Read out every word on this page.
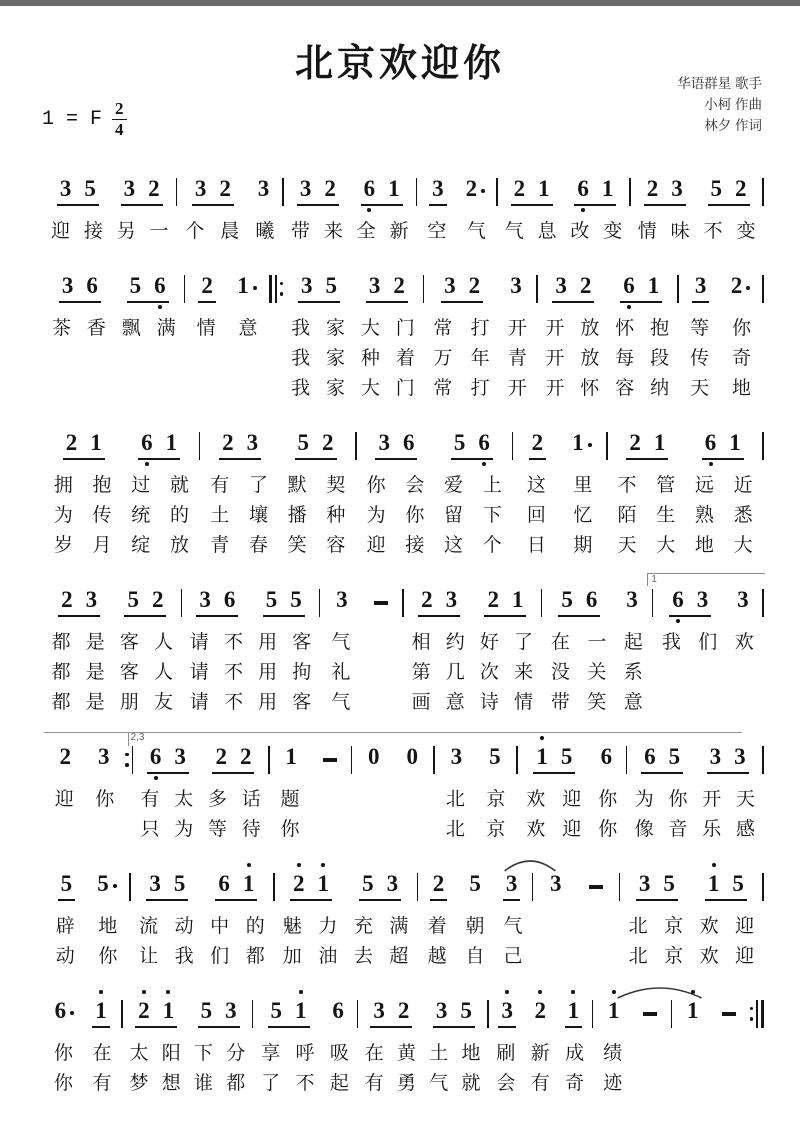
北京欢迎你
1 = F $\frac{2}{4}$
华语群星 歌手
小柯 作曲
林夕 作词
3 5 3 2
迎 接 另 一
3 2 3
个 晨 曦
3 2 6 1
带 来 全 新
3 2
空	气
2 1 6 1
气 息 改 变
2 3 5 2
情 味 不 变
3 6 5 6
茶 香 飘 满
2 1
情	意
3 5 3 2
我 家 大 门
我 家 种 着
我 家 大 门
3 2 3
常 打 开
万 年 青
常 打 开
3 2 6 1
开 放 怀 抱
开 放 每 段
开 怀 容 纳
3 2
等	你
传	奇
天	地
2 1 6 1
拥	抱	过	就
为	传	统	的
岁	月	绽	放
2 3 5 2
有	了	默	契
土	壤	播	种
青	春	笑	容
3 6 5 6
你	会	爱	上
为	你	留	下
迎	接	这	个
2 1
这	里
回	忆
日	期
2 1 6 1
不	管	远	近
陌	生	熟	悉
天	大	地	大
1
2 3 5 2
都 是 客 人
都 是 客 人
都 是 朋 友
3 6 5 5
请 不 用 客
请 不 用 拘
请 不 用 客
3
气
礼
气
2 3 2 1
相 约 好 了
第 几 次 来
画 意 诗 情
5 6 3
在 一 起
没 关 系
带 笑 意
6 3 3
我 们 欢
2,3
2 3
迎	你
6 3 2 2
有 太 多 话
只 为 等 待
1
题
你
0 0 3 5
北	京
北	京
1 5 6
欢 迎 你
欢 迎 你
6 5 3 3
为 你 开 天
像 音 乐 感
5 5
辟	地
动	你
3 5 6 1
流 动 中 的
让 我 们 都
2 1 5 3
魅 力 充 满
加 油 去 超
2 5 3
着 朝 气
越 自 己
3	3 5 1 5
北 京 欢 迎
北 京 欢 迎
6 1
你	在
你	有
2 1 5 3
太 阳 下 分
梦 想 谁 都
5 1 6
享 呼 吸
了 不 起
3 2 3 5
在 黄 土 地
有 勇 气 就
3 2 1
刷 新 成
会 有 奇
1
绩
迹
1
